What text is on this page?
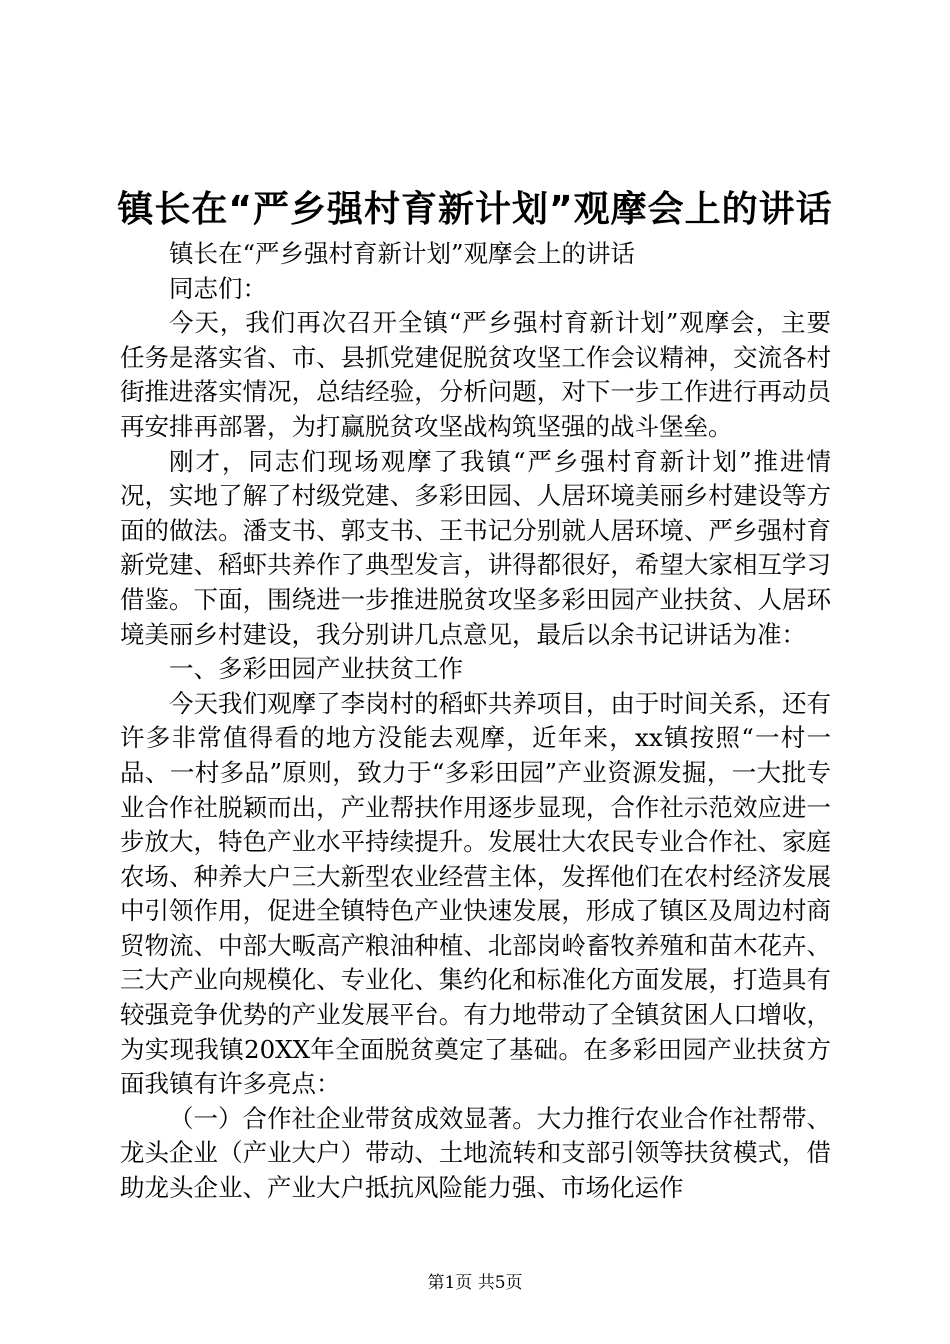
镇长在“严乡强村育新计划”观摩会上的讲话

镇长在“严乡强村育新计划”观摩会上的讲话

同志们：

今天，我们再次召开全镇“严乡强村育新计划”观摩会，主要任务是落实省、市、县抓党建促脱贫攻坚工作会议精神，交流各村街推进落实情况，总结经验，分析问题，对下一步工作进行再动员再安排再部署，为打赢脱贫攻坚战构筑坚强的战斗堡垒。

刚才，同志们现场观摩了我镇“严乡强村育新计划”推进情况，实地了解了村级党建、多彩田园、人居环境美丽乡村建设等方面的做法。潘支书、郭支书、王书记分别就人居环境、严乡强村育新党建、稻虾共养作了典型发言，讲得都很好，希望大家相互学习借鉴。下面，围绕进一步推进脱贫攻坚多彩田园产业扶贫、人居环境美丽乡村建设，我分别讲几点意见，最后以余书记讲话为准：

一、多彩田园产业扶贫工作

今天我们观摩了李岗村的稻虾共养项目，由于时间关系，还有许多非常值得看的地方没能去观摩，近年来，xx镇按照“一村一品、一村多品”原则，致力于“多彩田园”产业资源发掘，一大批专业合作社脱颖而出，产业帮扶作用逐步显现，合作社示范效应进一步放大，特色产业水平持续提升。发展壮大农民专业合作社、家庭农场、种养大户三大新型农业经营主体，发挥他们在农村经济发展中引领作用，促进全镇特色产业快速发展，形成了镇区及周边村商贸物流、中部大畈高产粮油种植、北部岗岭畜牧养殖和苗木花卉、三大产业向规模化、专业化、集约化和标准化方面发展，打造具有较强竞争优势的产业发展平台。有力地带动了全镇贫困人口增收，为实现我镇20XX年全面脱贫奠定了基础。在多彩田园产业扶贫方面我镇有许多亮点：

（一）合作社企业带贫成效显著。大力推行农业合作社帮带、龙头企业（产业大户）带动、土地流转和支部引领等扶贫模式，借助龙头企业、产业大户抵抗风险能力强、市场化运作

第1页 共5页
